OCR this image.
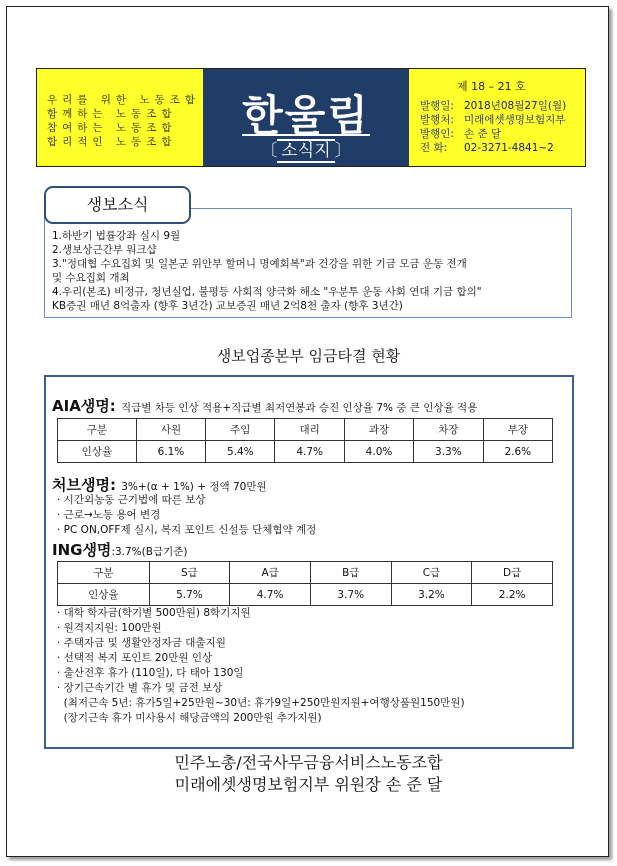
우리를 위한 노동조합
함께하는 노동조합
참여하는 노동조합
합리적인 노동조합
한울림
〔 소식지 〕
제 18 – 21 호
발행일: 2018년08월27일(월)
발행처: 미래에셋생명보험지부
발행인: 손 준 달
전 화: 02-3271-4841~2
생보소식
1.하반기 법률강좌 실시 9월
2.생보상근간부 워크샵
3."정대협 수요집회 및 일본군 위안부 할머니 명예회복"과 건강을 위한 기금 모금 운동 전개
및 수요집회 개최
4.우리(본조) 비정규, 청년실업, 불평등 사회적 양극화 해소 "우분투 운동 사회 연대 기금 합의"
KB증권 매년 8억출자 (향후 3년간) 교보증권 매년 2억8천 출자 (향후 3년간)
생보업종본부 임금타결 현황
AIA생명: 직급별 차등 인상 적용+직급별 최저연봉과 승진 인상율 7% 중 큰 인상율 적용
구분	사원	주임	대리	과장	차장	부장
인상율	6.1%	5.4%	4.7%	4.0%	3.3%	2.6%
처브생명: 3%+(α + 1%) + 정액 70만원
· 시간외농동 근기법에 따른 보상
· 근로→노동 용어 변경
· PC ON,OFF제 실시, 복지 포인트 신설등 단체협약 계정
ING생명:3.7%(B급기준)
구분	S급	A급	B급	C급	D급
인상율	5.7%	4.7%	3.7%	3.2%	2.2%
· 대학 학자금(학기별 500만원) 8학기지원
· 원격지지원: 100만원
· 주택자금 및 생활안정자금 대출지원
· 선택적 복지 포인트 20만원 인상
· 출산전후 휴가 (110일), 다 태아 130일
· 장기근속기간 별 휴가 및 금전 보상
(최저근속 5년: 휴가5일+25만원~30년: 휴가9일+250만원지원+여행상품원150만원)
(장기근속 휴가 미사용시 해당금액의 200만원 추가지원)
민주노총/전국사무금융서비스노동조합
미래에셋생명보험지부 위원장 손 준 달
